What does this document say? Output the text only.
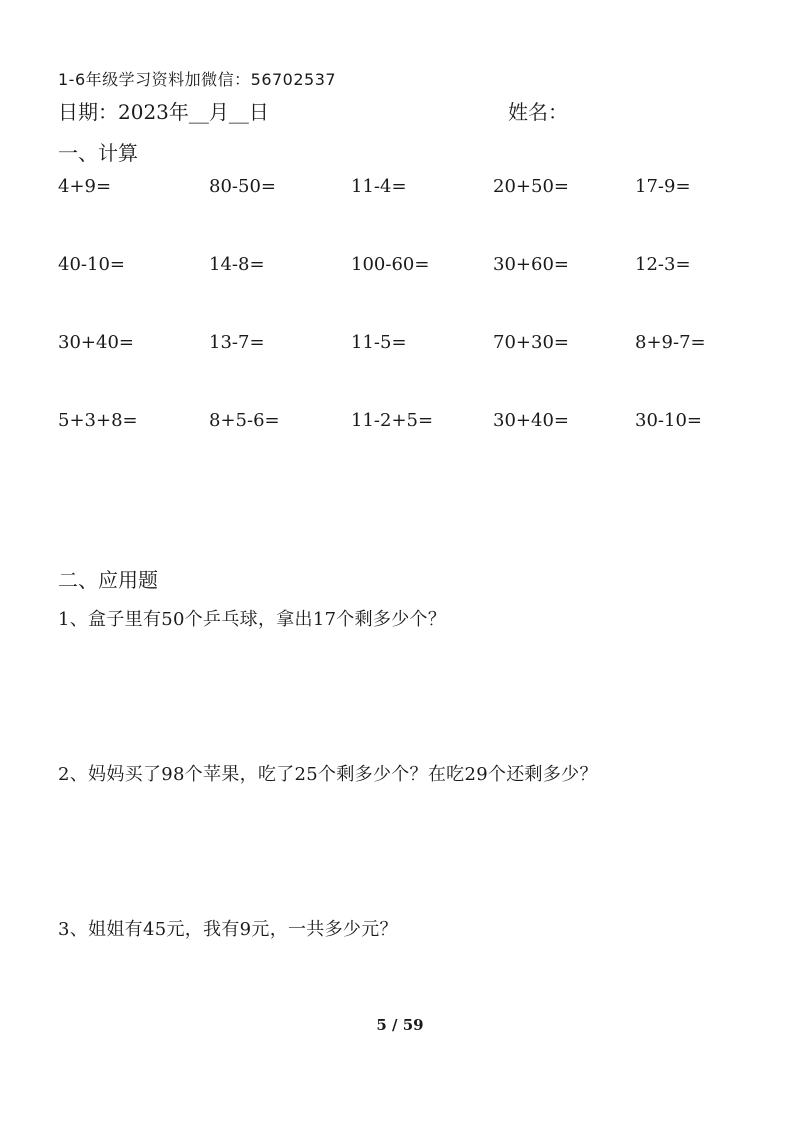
1-6年级学习资料加微信：56702537
日期：2023年__月__日	姓名：
一、计算
4+9=	80-50=	11-4=	20+50=	17-9=
40-10=	14-8=	100-60=	30+60=	12-3=
30+40=	13-7=	11-5=	70+30=	8+9-7=
5+3+8=	8+5-6=	11-2+5=	30+40=	30-10=
二、应用题
1、盒子里有50个乒乓球，拿出17个剩多少个？
2、妈妈买了98个苹果，吃了25个剩多少个？在吃29个还剩多少？
3、姐姐有45元，我有9元，一共多少元？
5 / 59
